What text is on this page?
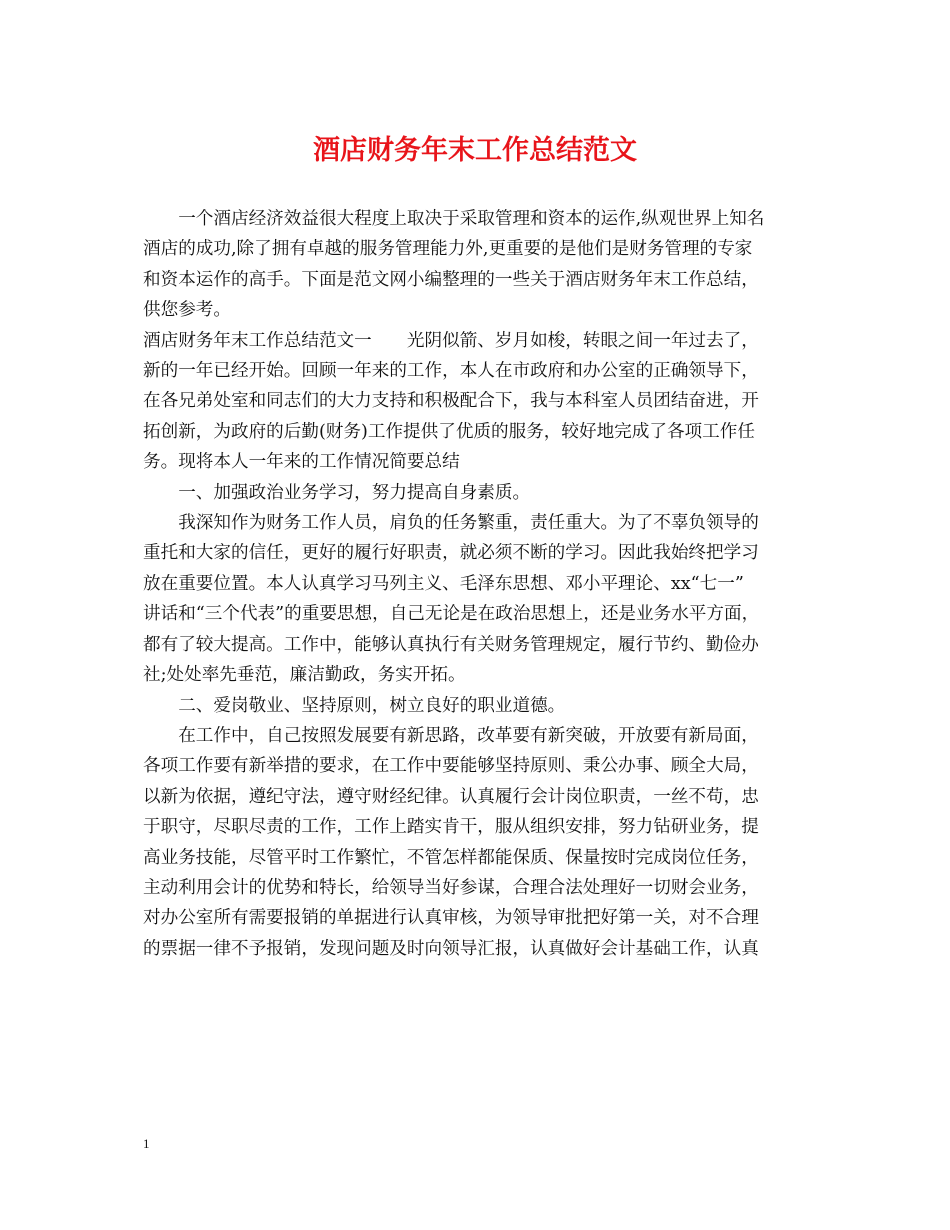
酒店财务年末工作总结范文
　　一个酒店经济效益很大程度上取决于采取管理和资本的运作,纵观世界上知名
酒店的成功,除了拥有卓越的服务管理能力外,更重要的是他们是财务管理的专家
和资本运作的高手。下面是范文网小编整理的一些关于酒店财务年末工作总结，
供您参考。
酒店财务年末工作总结范文一　　光阴似箭、岁月如梭，转眼之间一年过去了，
新的一年已经开始。回顾一年来的工作，本人在市政府和办公室的正确领导下，
在各兄弟处室和同志们的大力支持和积极配合下，我与本科室人员团结奋进，开
拓创新，为政府的后勤(财务)工作提供了优质的服务，较好地完成了各项工作任
务。现将本人一年来的工作情况简要总结
　　一、加强政治业务学习，努力提高自身素质。
　　我深知作为财务工作人员，肩负的任务繁重，责任重大。为了不辜负领导的
重托和大家的信任，更好的履行好职责，就必须不断的学习。因此我始终把学习
放在重要位置。本人认真学习马列主义、毛泽东思想、邓小平理论、xx“七一”
讲话和“三个代表”的重要思想，自己无论是在政治思想上，还是业务水平方面，
都有了较大提高。工作中，能够认真执行有关财务管理规定，履行节约、勤俭办
社;处处率先垂范，廉洁勤政，务实开拓。
　　二、爱岗敬业、坚持原则，树立良好的职业道德。
　　在工作中，自己按照发展要有新思路，改革要有新突破，开放要有新局面，
各项工作要有新举措的要求，在工作中要能够坚持原则、秉公办事、顾全大局，
以新为依据，遵纪守法，遵守财经纪律。认真履行会计岗位职责，一丝不苟，忠
于职守，尽职尽责的工作，工作上踏实肯干，服从组织安排，努力钻研业务，提
高业务技能，尽管平时工作繁忙，不管怎样都能保质、保量按时完成岗位任务，
主动利用会计的优势和特长，给领导当好参谋，合理合法处理好一切财会业务，
对办公室所有需要报销的单据进行认真审核，为领导审批把好第一关，对不合理
的票据一律不予报销，发现问题及时向领导汇报，认真做好会计基础工作，认真
1
